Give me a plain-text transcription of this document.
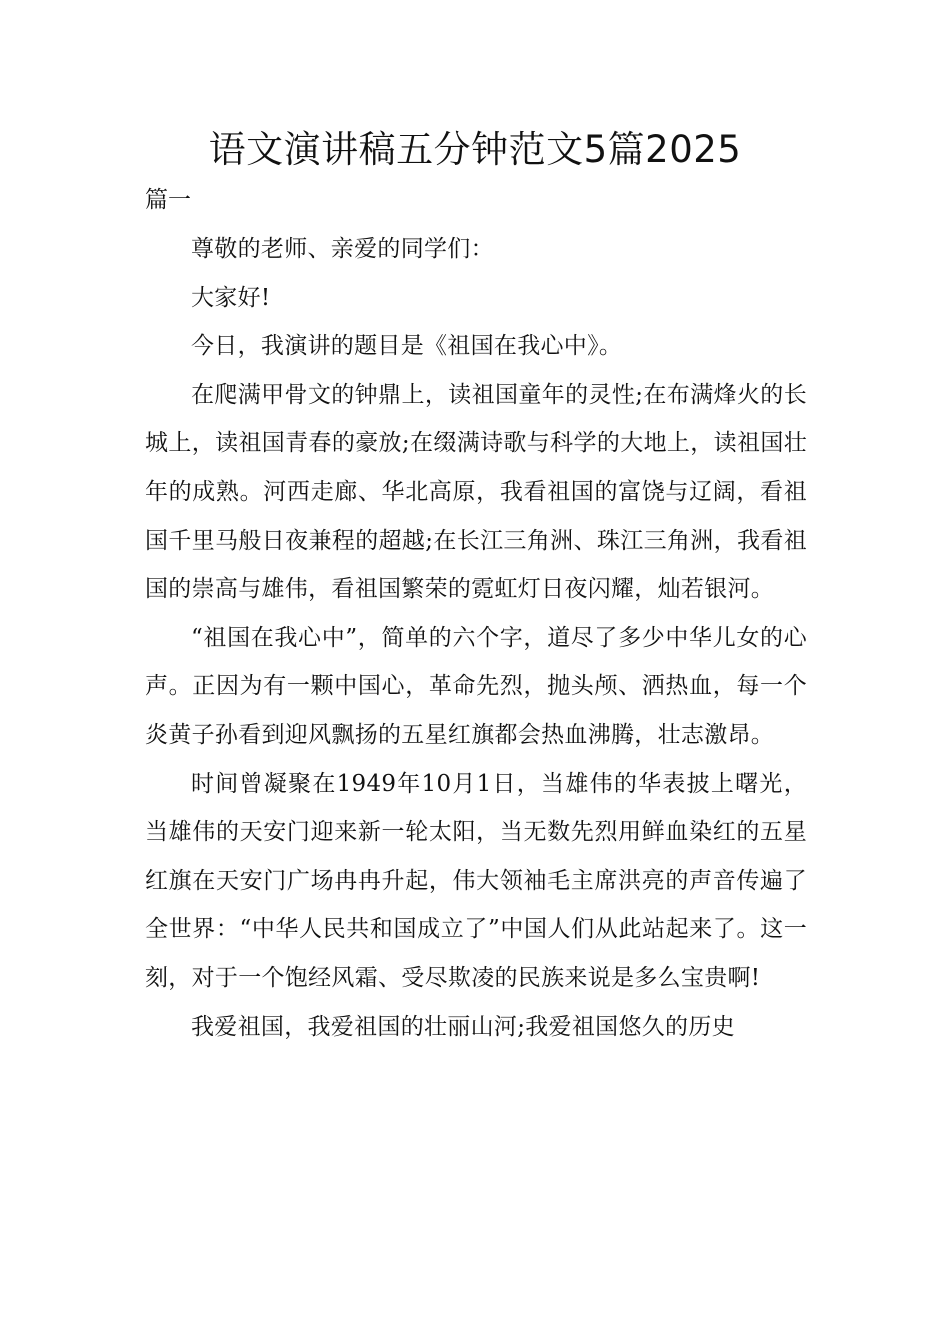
语文演讲稿五分钟范文5篇2025

篇一

尊敬的老师、亲爱的同学们：

大家好!

今日，我演讲的题目是《祖国在我心中》。

在爬满甲骨文的钟鼎上，读祖国童年的灵性;在布满烽火的长城上，读祖国青春的豪放;在缀满诗歌与科学的大地上，读祖国壮年的成熟。河西走廊、华北高原，我看祖国的富饶与辽阔，看祖国千里马般日夜兼程的超越;在长江三角洲、珠江三角洲，我看祖国的崇高与雄伟，看祖国繁荣的霓虹灯日夜闪耀，灿若银河。

“祖国在我心中”，简单的六个字，道尽了多少中华儿女的心声。正因为有一颗中国心，革命先烈，抛头颅、洒热血，每一个炎黄子孙看到迎风飘扬的五星红旗都会热血沸腾，壮志激昂。

时间曾凝聚在1949年10月1日，当雄伟的华表披上曙光，当雄伟的天安门迎来新一轮太阳，当无数先烈用鲜血染红的五星红旗在天安门广场冉冉升起，伟大领袖毛主席洪亮的声音传遍了全世界：“中华人民共和国成立了”中国人们从此站起来了。这一刻，对于一个饱经风霜、受尽欺凌的民族来说是多么宝贵啊!

我爱祖国，我爱祖国的壮丽山河;我爱祖国悠久的历史
